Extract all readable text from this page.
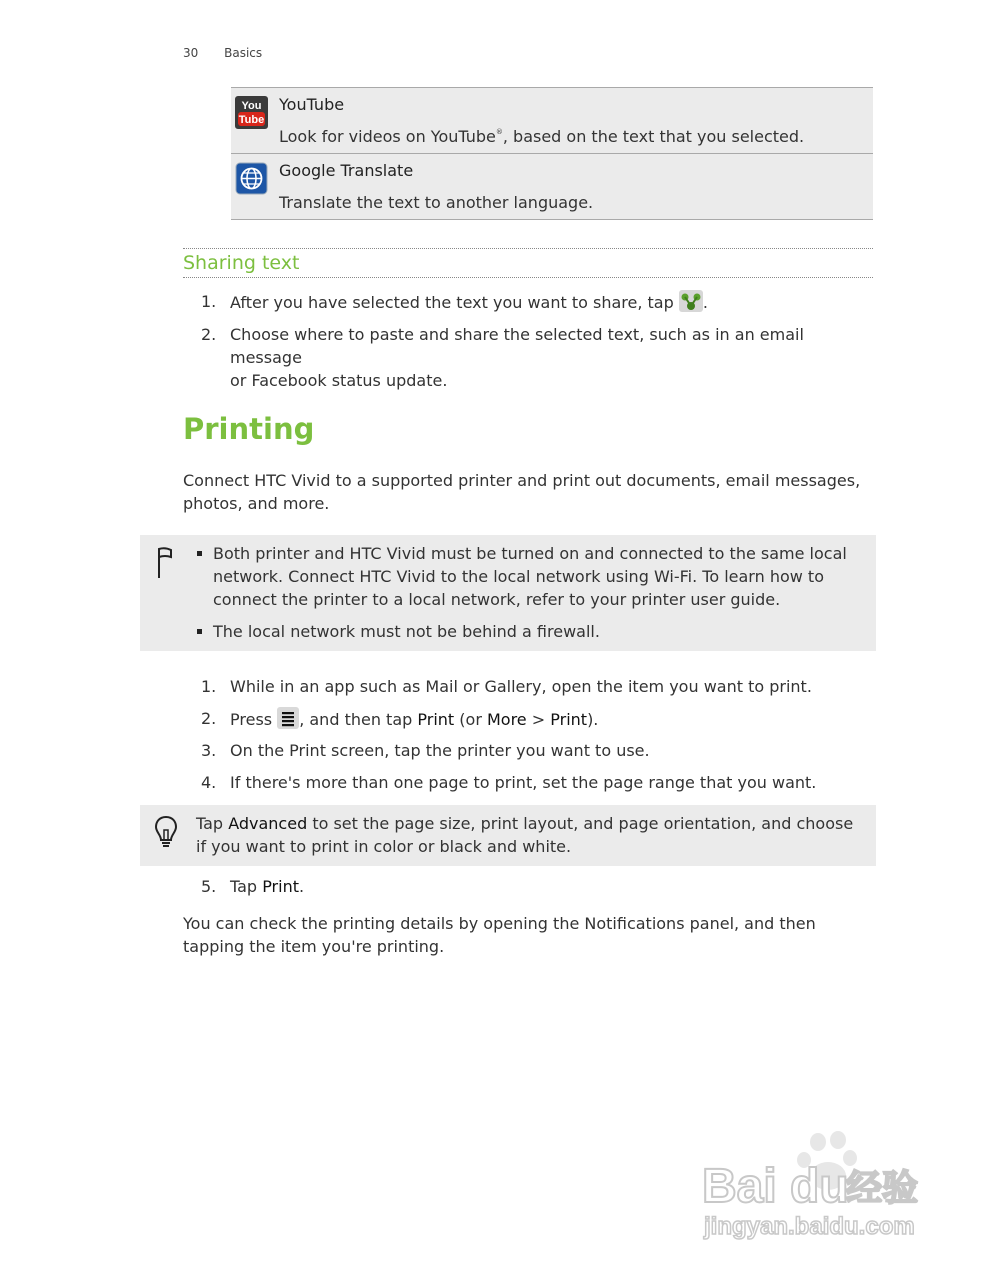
30 Basics
You
Tube
YouTube
Look for videos on YouTube®, based on the text that you selected.
Google Translate
Translate the text to another language.
Sharing text
1. After you have selected the text you want to share, tap .
2. Choose where to paste and share the selected text, such as in an email message
or Facebook status update.
Printing
Connect HTC Vivid to a supported printer and print out documents, email messages,
photos, and more.
Both printer and HTC Vivid must be turned on and connected to the same local
network. Connect HTC Vivid to the local network using Wi-Fi. To learn how to
connect the printer to a local network, refer to your printer user guide.
The local network must not be behind a firewall.
1. While in an app such as Mail or Gallery, open the item you want to print.
2. Press , and then tap Print (or More > Print).
3. On the Print screen, tap the printer you want to use.
4. If there's more than one page to print, set the page range that you want.
Tap Advanced to set the page size, print layout, and page orientation, and choose
if you want to print in color or black and white.
5. Tap Print.
You can check the printing details by opening the Notifications panel, and then
tapping the item you're printing.
Bai du
经验
jingyan.baidu.com
